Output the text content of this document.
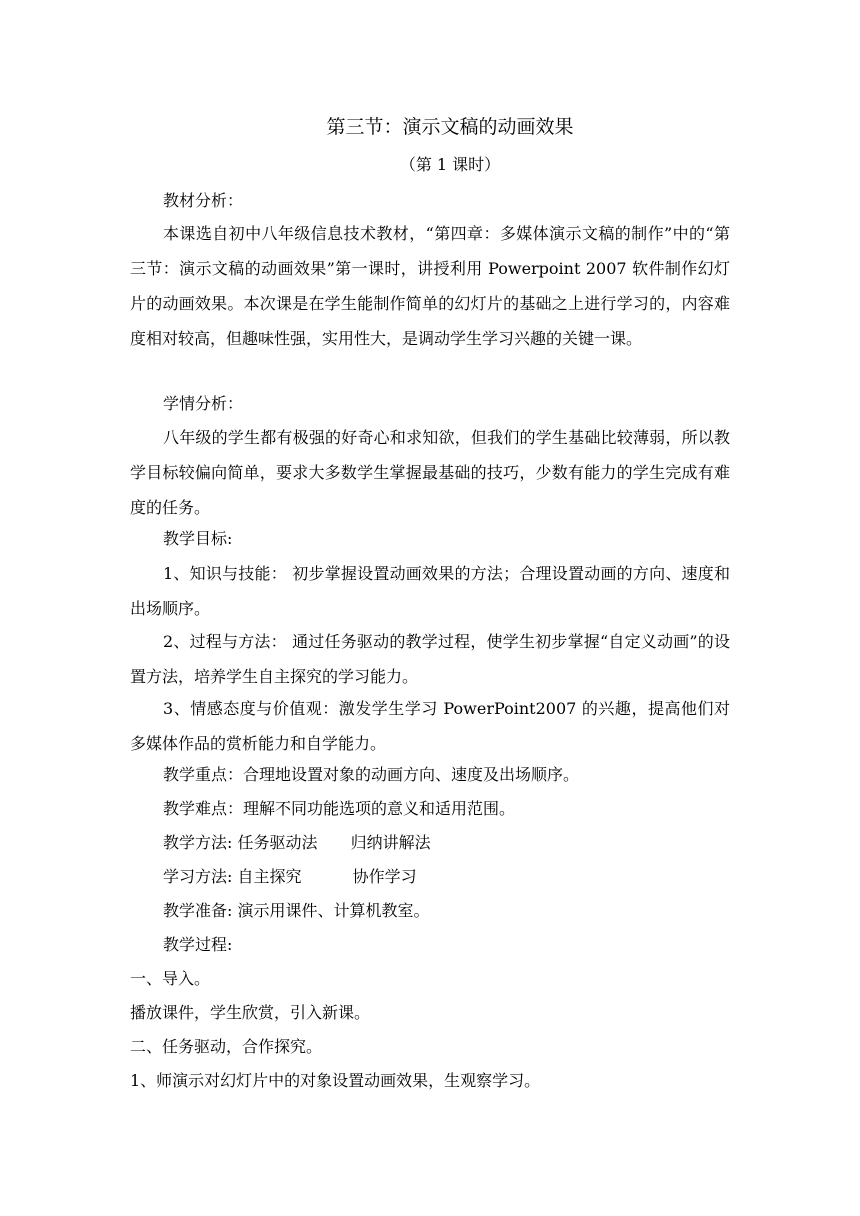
第三节：演示文稿的动画效果
（第 1 课时）
教材分析：
本课选自初中八年级信息技术教材，“第四章：多媒体演示文稿的制作”中的“第三节：演示文稿的动画效果”第一课时，讲授利用 Powerpoint 2007 软件制作幻灯片的动画效果。本次课是在学生能制作简单的幻灯片的基础之上进行学习的，内容难度相对较高，但趣味性强，实用性大，是调动学生学习兴趣的关键一课。
学情分析：
八年级的学生都有极强的好奇心和求知欲，但我们的学生基础比较薄弱，所以教学目标较偏向简单，要求大多数学生掌握最基础的技巧，少数有能力的学生完成有难度的任务。
教学目标:
1、知识与技能： 初步掌握设置动画效果的方法；合理设置动画的方向、速度和出场顺序。
2、过程与方法： 通过任务驱动的教学过程，使学生初步掌握“自定义动画”的设置方法，培养学生自主探究的学习能力。
3、情感态度与价值观：激发学生学习 PowerPoint2007 的兴趣，提高他们对多媒体作品的赏析能力和自学能力。
教学重点：合理地设置对象的动画方向、速度及出场顺序。
教学难点：理解不同功能选项的意义和适用范围。
教学方法: 任务驱动法 归纳讲解法
学习方法: 自主探究	协作学习
教学准备: 演示用课件、计算机教室。
教学过程:
一、导入。
播放课件，学生欣赏，引入新课。
二、任务驱动，合作探究。
1、师演示对幻灯片中的对象设置动画效果，生观察学习。
